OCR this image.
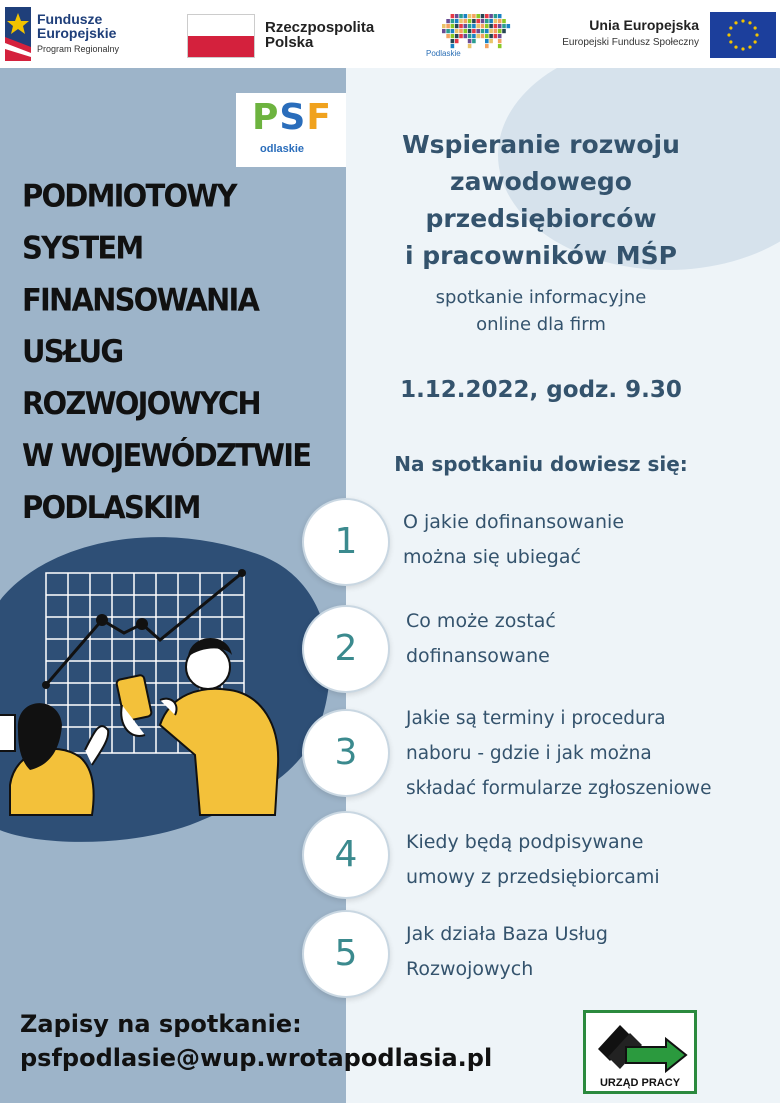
Fundusze
Europejskie
Program Regionalny
Rzeczpospolita
Polska
Podlaskie
Unia Europejska
Europejski Fundusz Społeczny
PSF
odlaskie
PODMIOTOWY
SYSTEM
FINANSOWANIA
USŁUG
ROZWOJOWYCH
W WOJEWÓDZTWIE
PODLASKIM
Wspieranie rozwoju
zawodowego
przedsiębiorców
i pracowników MŚP
spotkanie informacyjne
online dla firm
1.12.2022, godz. 9.30
Na spotkaniu dowiesz się:
1	O jakie dofinansowanie
można się ubiegać
2
Co może zostać
dofinansowane
3
Jakie są terminy i procedura
naboru - gdzie i jak można
składać formularze zgłoszeniowe
4	Kiedy będą podpisywane
umowy z przedsiębiorcami
5	Jak działa Baza Usług
Rozwojowych
Zapisy na spotkanie:
psfpodlasie@wup.wrotapodlasia.pl
URZĄD PRACY
